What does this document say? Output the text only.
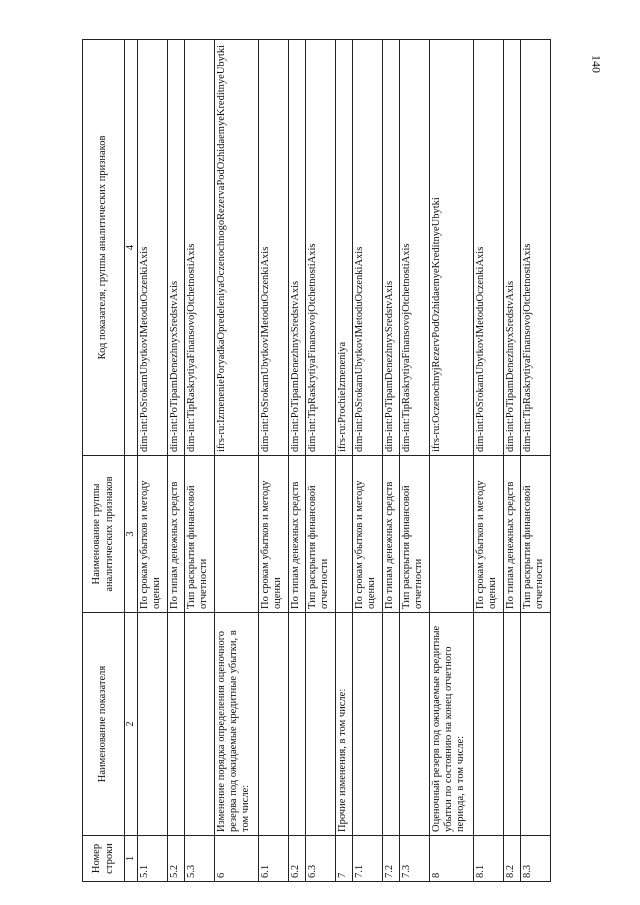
140
Номер строки	Наименование показателя	Наименование группы аналитических признаков	Код показателя, группы аналитических признаков
1	2	3	4
5.1		По срокам убытков и методу оценки	dim-int:PoSrokamUbytkovIMetoduOczenkiAxis
5.2		По типам денежных средств	dim-int:PoTipamDenezhnyxSredstvAxis
5.3		Тип раскрытия финансовой отчетности	dim-int:TipRaskrytiyaFinansovojOtchetnostiAxis
6	Изменение порядка определения оценочного резерва под ожидаемые кредитные убытки, в том числе:		ifrs-ru:IzmeneniePoryadkaOpredeleniyaOczenochnogoRezervaPodOzhidaemyeKreditnyeUbytki
6.1		По срокам убытков и методу оценки	dim-int:PoSrokamUbytkovIMetoduOczenkiAxis
6.2		По типам денежных средств	dim-int:PoTipamDenezhnyxSredstvAxis
6.3		Тип раскрытия финансовой отчетности	dim-int:TipRaskrytiyaFinansovojOtchetnostiAxis
7	Прочие изменения, в том числе:		ifrs-ru:ProchieIzmeneniya
7.1		По срокам убытков и методу оценки	dim-int:PoSrokamUbytkovIMetoduOczenkiAxis
7.2		По типам денежных средств	dim-int:PoTipamDenezhnyxSredstvAxis
7.3		Тип раскрытия финансовой отчетности	dim-int:TipRaskrytiyaFinansovojOtchetnostiAxis
8	Оценочный резерв под ожидаемые кредитные убытки по состоянию на конец отчетного периода, в том числе:		ifrs-ru:OczenochnyjRezervPodOzhidaemyeKreditnyeUbytki
8.1		По срокам убытков и методу оценки	dim-int:PoSrokamUbytkovIMetoduOczenkiAxis
8.2		По типам денежных средств	dim-int:PoTipamDenezhnyxSredstvAxis
8.3		Тип раскрытия финансовой отчетности	dim-int:TipRaskrytiyaFinansovojOtchetnostiAxis
